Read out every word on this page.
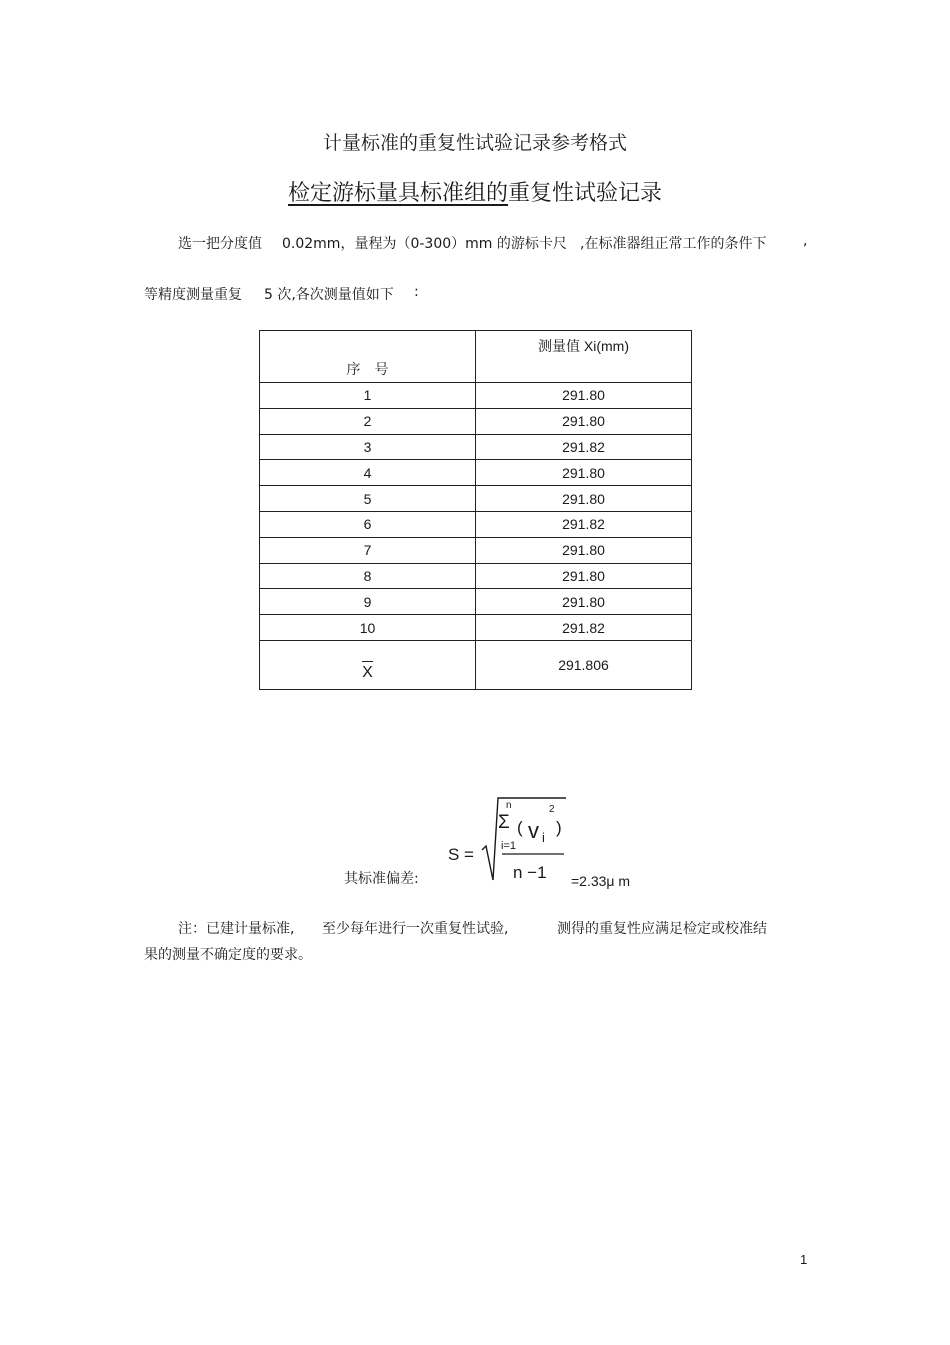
计量标准的重复性试验记录参考格式
检定游标量具标准组的重复性试验记录
选一把分度值 0.02mm，量程为（0-300）mm 的游标卡尺 ,在标准器组正常工作的条件下	,
等精度测量重复 5 次,各次测量值如下 :
序　号	测量值 Xi(mm)

1	291.80
2	291.80
3	291.82
4	291.80
5	291.80
6	291.82
7	291.80
8	291.80
9	291.80
10	291.82
X	291.806
其标准偏差:
S =
n
Σ
i=1
( v i
2
)
n −1 =2.33μ m
注：已建计量标准, 至少每年进行一次重复性试验,	测得的重复性应满足检定或校准结
果的测量不确定度的要求。
1
